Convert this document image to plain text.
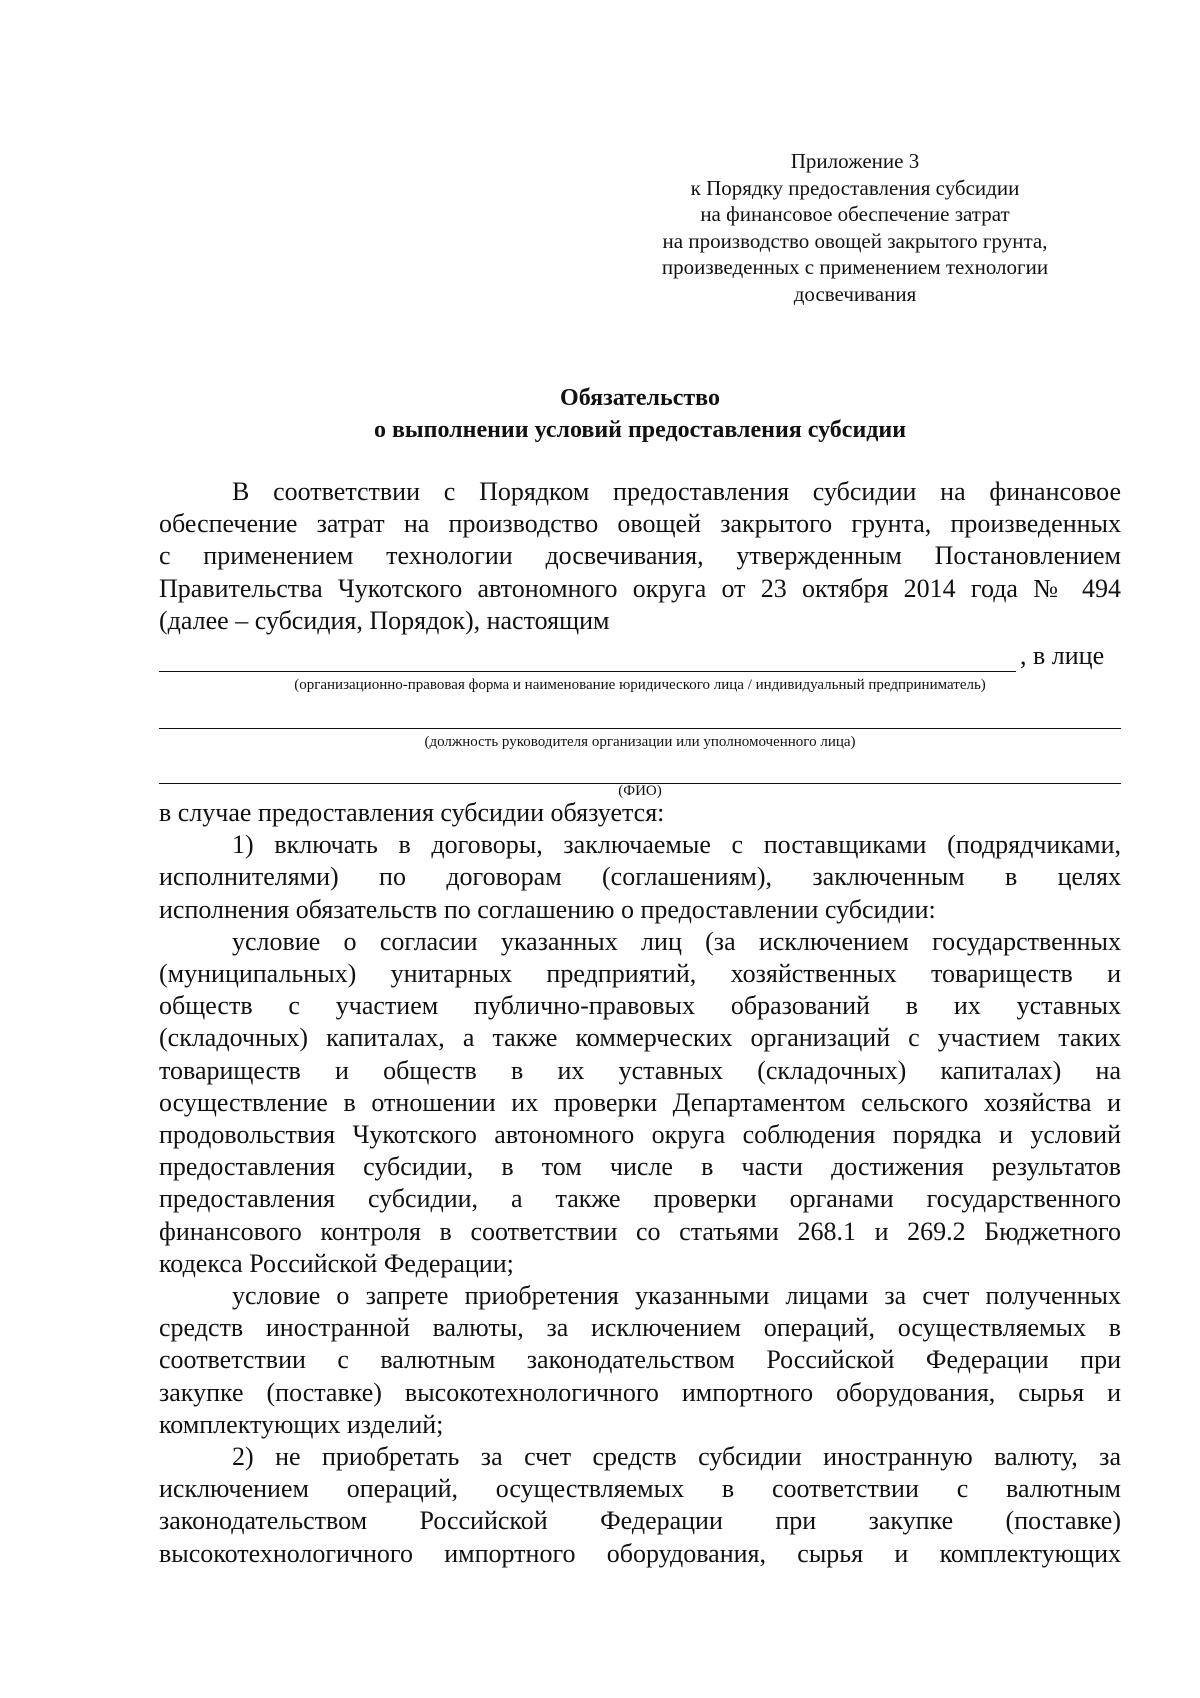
Приложение 3
к Порядку предоставления субсидии
на финансовое обеспечение затрат
на производство овощей закрытого грунта,
произведенных с применением технологии
досвечивания
Обязательство
о выполнении условий предоставления субсидии
В соответствии с Порядком предоставления субсидии на финансовое
обеспечение затрат на производство овощей закрытого грунта, произведенных
с применением технологии досвечивания, утвержденным Постановлением
Правительства Чукотского автономного округа от 23 октября 2014 года № 494
(далее – субсидия, Порядок), настоящим
, в лице
(организационно-правовая форма и наименование юридического лица / индивидуальный предприниматель)
(должность руководителя организации или уполномоченного лица)
(ФИО)
в случае предоставления субсидии обязуется:
1) включать в договоры, заключаемые с поставщиками (подрядчиками,
исполнителями) по договорам (соглашениям), заключенным в целях
исполнения обязательств по соглашению о предоставлении субсидии:
условие о согласии указанных лиц (за исключением государственных
(муниципальных) унитарных предприятий, хозяйственных товариществ и
обществ с участием публично-правовых образований в их уставных
(складочных) капиталах, а также коммерческих организаций с участием таких
товариществ и обществ в их уставных (складочных) капиталах) на
осуществление в отношении их проверки Департаментом сельского хозяйства и
продовольствия Чукотского автономного округа соблюдения порядка и условий
предоставления субсидии, в том числе в части достижения результатов
предоставления субсидии, а также проверки органами государственного
финансового контроля в соответствии со статьями 268.1 и 269.2 Бюджетного
кодекса Российской Федерации;
условие о запрете приобретения указанными лицами за счет полученных
средств иностранной валюты, за исключением операций, осуществляемых в
соответствии с валютным законодательством Российской Федерации при
закупке (поставке) высокотехнологичного импортного оборудования, сырья и
комплектующих изделий;
2) не приобретать за счет средств субсидии иностранную валюту, за
исключением операций, осуществляемых в соответствии с валютным
законодательством Российской Федерации при закупке (поставке)
высокотехнологичного импортного оборудования, сырья и комплектующих
